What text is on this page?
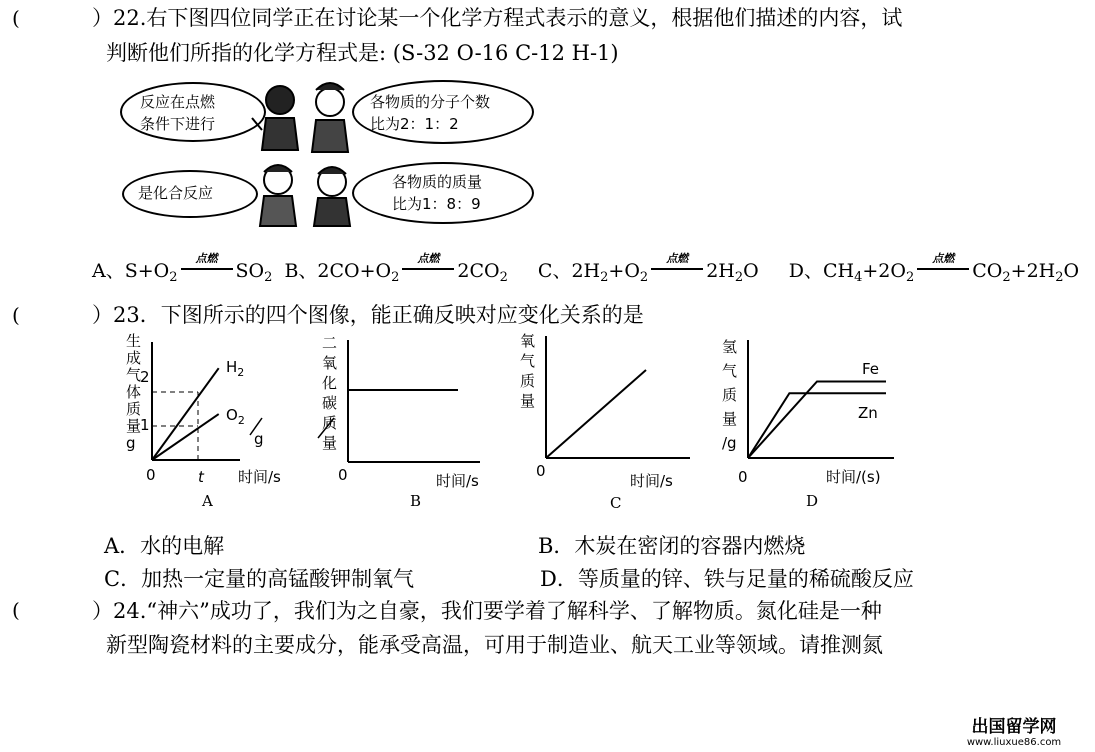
(	）22.右下图四位同学正在讨论某一个化学方程式表示的意义，根据他们描述的内容，试
判断他们所指的化学方程式是: (S-32 O-16 C-12 H-1)
反应在点燃
条件下进行
各物质的分子个数
比为2：1：2
是化合反应
各物质的质量
比为1：8：9
A、$S+O_2$
点燃
$SO_2$ B、$2CO+O_2$
点燃
$2CO_2$ C、$2H_2+O_2$
点燃
$2H_2O$ D、$CH_4+2O_2$
点燃
$CO_2+2H_2O$
(	）23．下图所示的四个图像，能正确反映对应变化关系的是
生
成
气
体
质
量
g
2
1
$H_2$
$O_2$
g
0	t 时间/s
A
二
氧
化
碳
质
量
0	时间/s
B
氧
气
质
量
0
时间/s
C
氢
气
质
量
/g
Fe
Zn
0	时间/(s)
D
A．水的电解	B．木炭在密闭的容器内燃烧
C．加热一定量的高锰酸钾制氧气	D．等质量的锌、铁与足量的稀硫酸反应
(	）24.“神六”成功了，我们为之自豪，我们要学着了解科学、了解物质。氮化硅是一种
新型陶瓷材料的主要成分，能承受高温，可用于制造业、航天工业等领域。请推测氮
出国留学网
www.liuxue86.com
